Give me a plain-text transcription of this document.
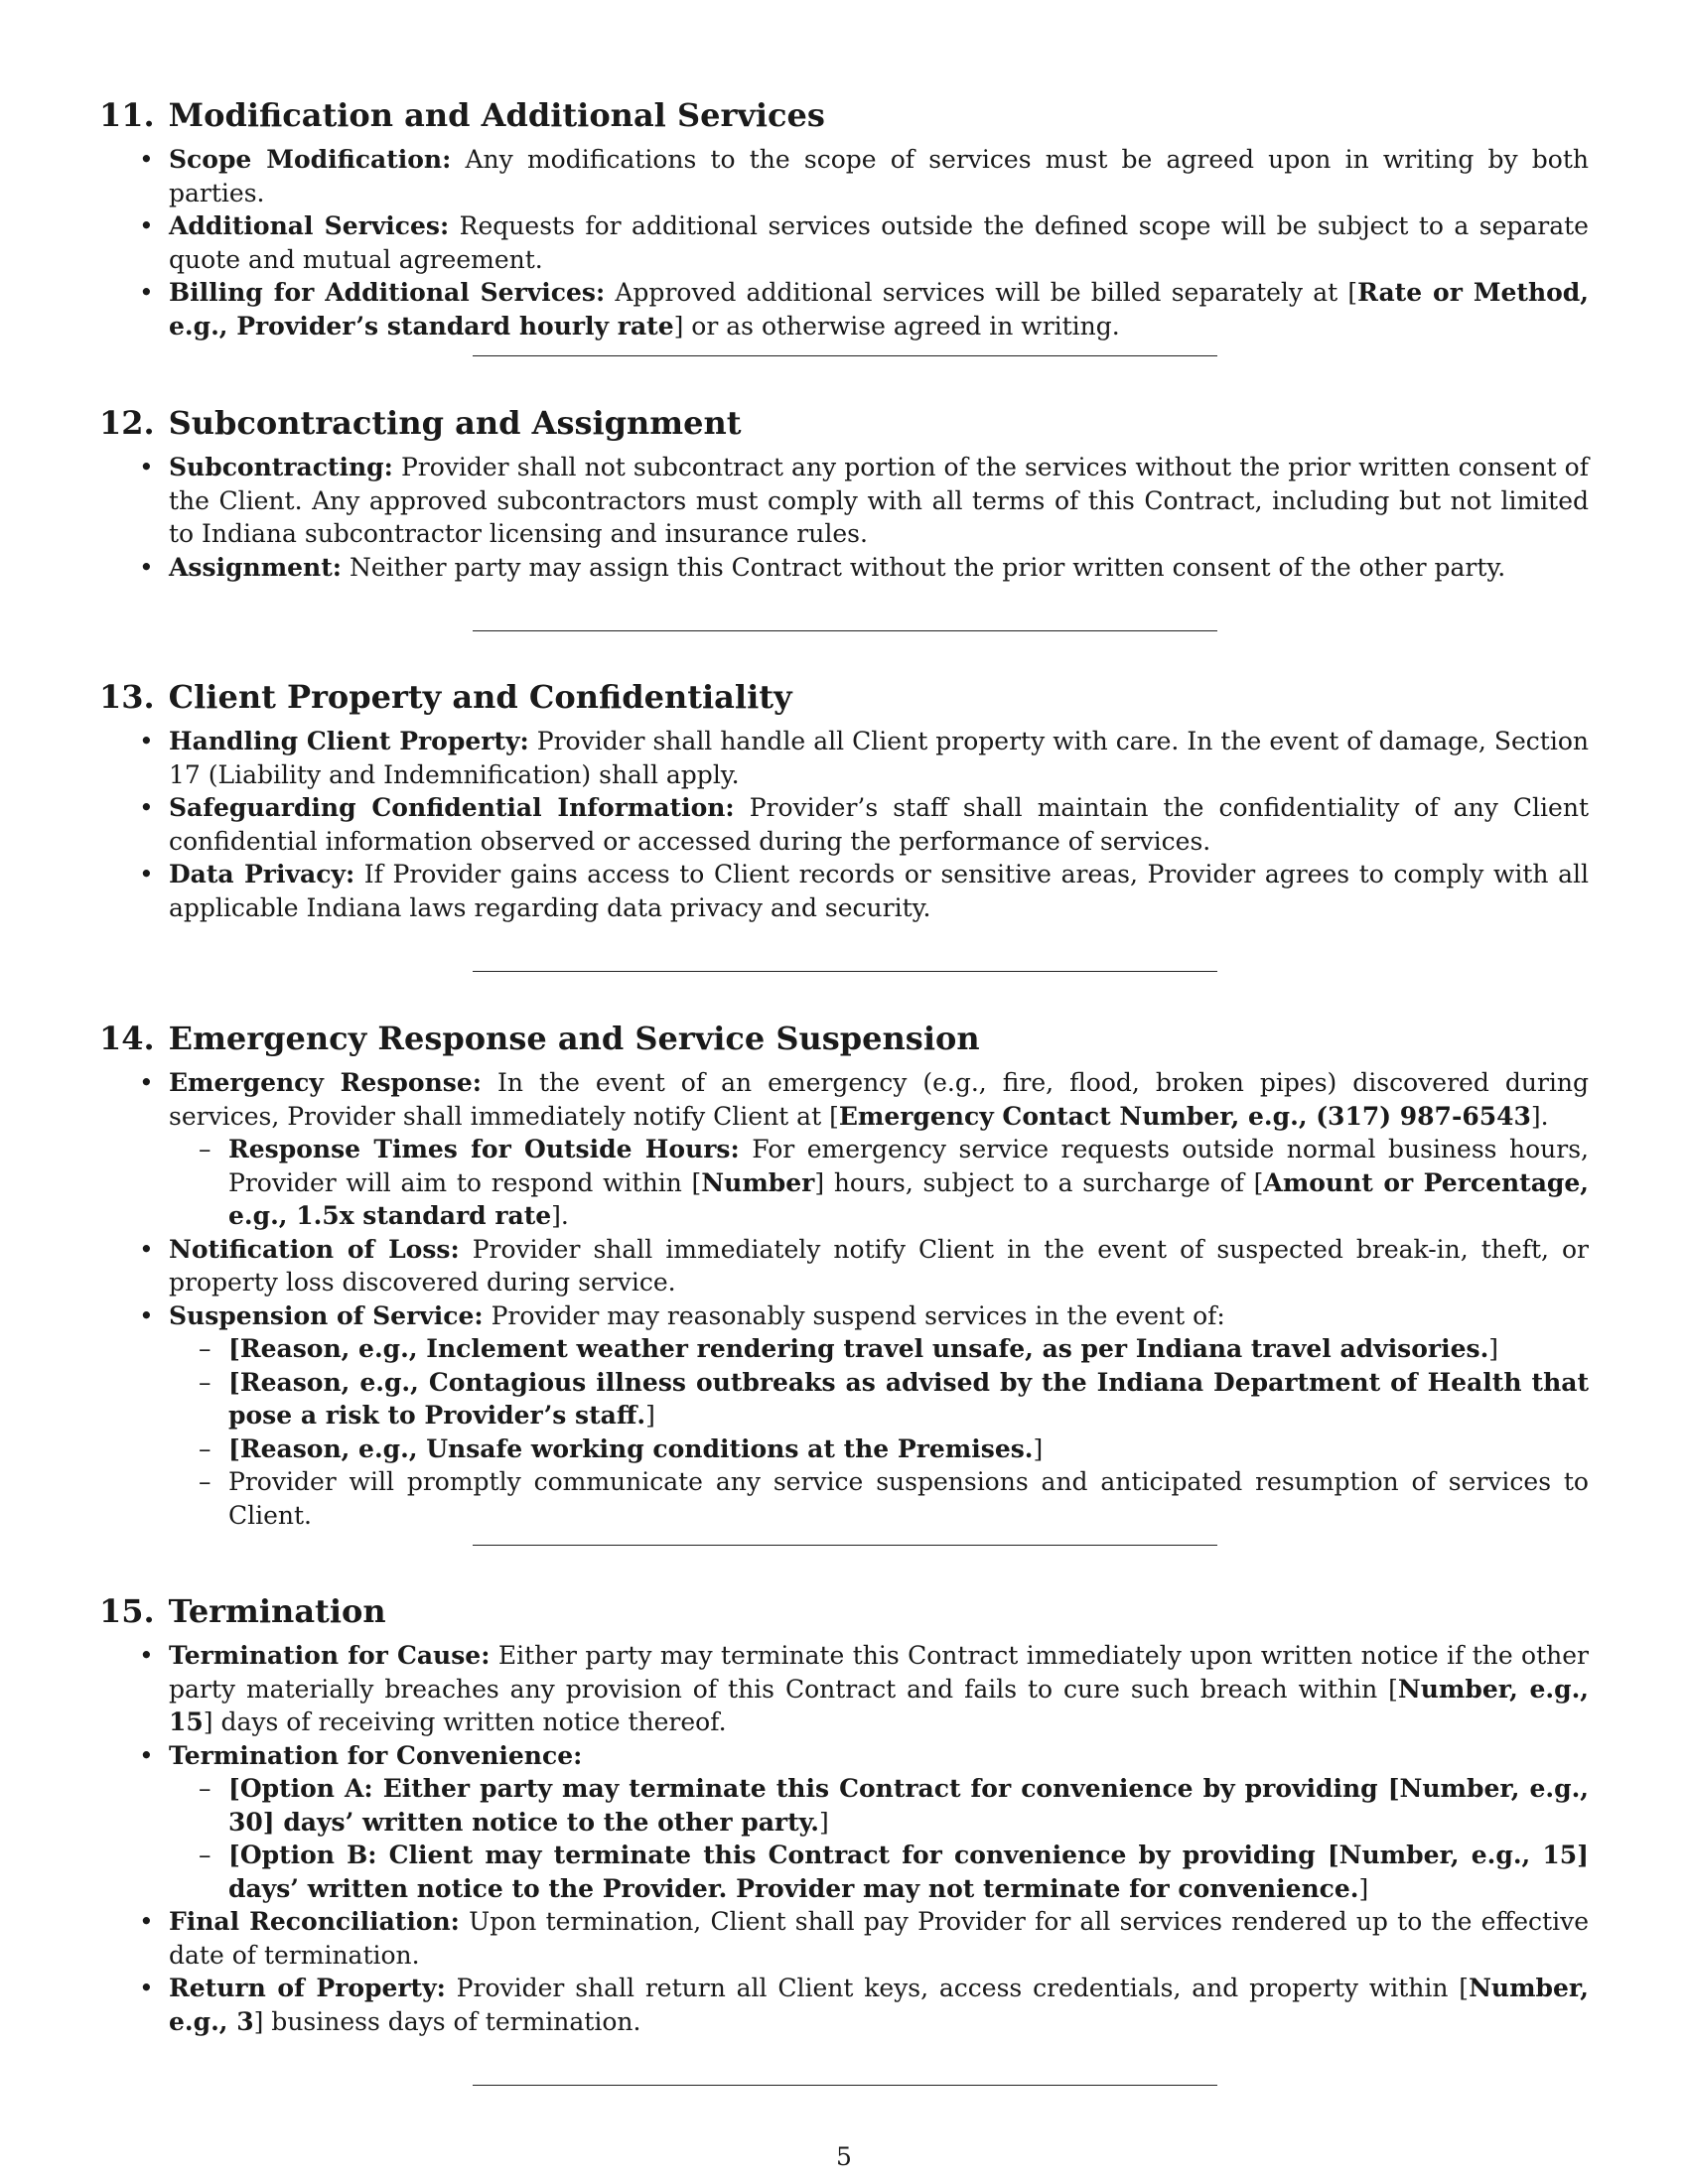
11. Modification and Additional Services
• Scope Modification: Any modifications to the scope of services must be agreed upon in writing by both parties.
• Additional Services: Requests for additional services outside the defined scope will be subject to a separate quote and mutual agreement.
• Billing for Additional Services: Approved additional services will be billed separately at [Rate or Method, e.g., Provider’s standard hourly rate] or as otherwise agreed in writing.
12. Subcontracting and Assignment
• Subcontracting: Provider shall not subcontract any portion of the services without the prior written consent of the Client. Any approved subcontractors must comply with all terms of this Contract, including but not limited to Indiana subcontractor licensing and insurance rules.
• Assignment: Neither party may assign this Contract without the prior written consent of the other party.
13. Client Property and Confidentiality
• Handling Client Property: Provider shall handle all Client property with care. In the event of damage, Section 17 (Liability and Indemnification) shall apply.
• Safeguarding Confidential Information: Provider’s staff shall maintain the confidentiality of any Client confidential information observed or accessed during the performance of services.
• Data Privacy: If Provider gains access to Client records or sensitive areas, Provider agrees to comply with all applicable Indiana laws regarding data privacy and security.
14. Emergency Response and Service Suspension
• Emergency Response: In the event of an emergency (e.g., fire, flood, broken pipes) discovered during services, Provider shall immediately notify Client at [Emergency Contact Number, e.g., (317) 987-6543].
– Response Times for Outside Hours: For emergency service requests outside normal business hours, Provider will aim to respond within [Number] hours, subject to a surcharge of [Amount or Percentage, e.g., 1.5x standard rate].
• Notification of Loss: Provider shall immediately notify Client in the event of suspected break-in, theft, or property loss discovered during service.
• Suspension of Service: Provider may reasonably suspend services in the event of:
– [Reason, e.g., Inclement weather rendering travel unsafe, as per Indiana travel advisories.]
– [Reason, e.g., Contagious illness outbreaks as advised by the Indiana Department of Health that pose a risk to Provider’s staff.]
– [Reason, e.g., Unsafe working conditions at the Premises.]
– Provider will promptly communicate any service suspensions and anticipated resumption of services to Client.
15. Termination
• Termination for Cause: Either party may terminate this Contract immediately upon written notice if the other party materially breaches any provision of this Contract and fails to cure such breach within [Number, e.g., 15] days of receiving written notice thereof.
• Termination for Convenience:
– [Option A: Either party may terminate this Contract for convenience by providing [Number, e.g., 30] days’ written notice to the other party.]
– [Option B: Client may terminate this Contract for convenience by providing [Number, e.g., 15] days’ written notice to the Provider. Provider may not terminate for convenience.]
• Final Reconciliation: Upon termination, Client shall pay Provider for all services rendered up to the effective date of termination.
• Return of Property: Provider shall return all Client keys, access credentials, and property within [Number, e.g., 3] business days of termination.
5
